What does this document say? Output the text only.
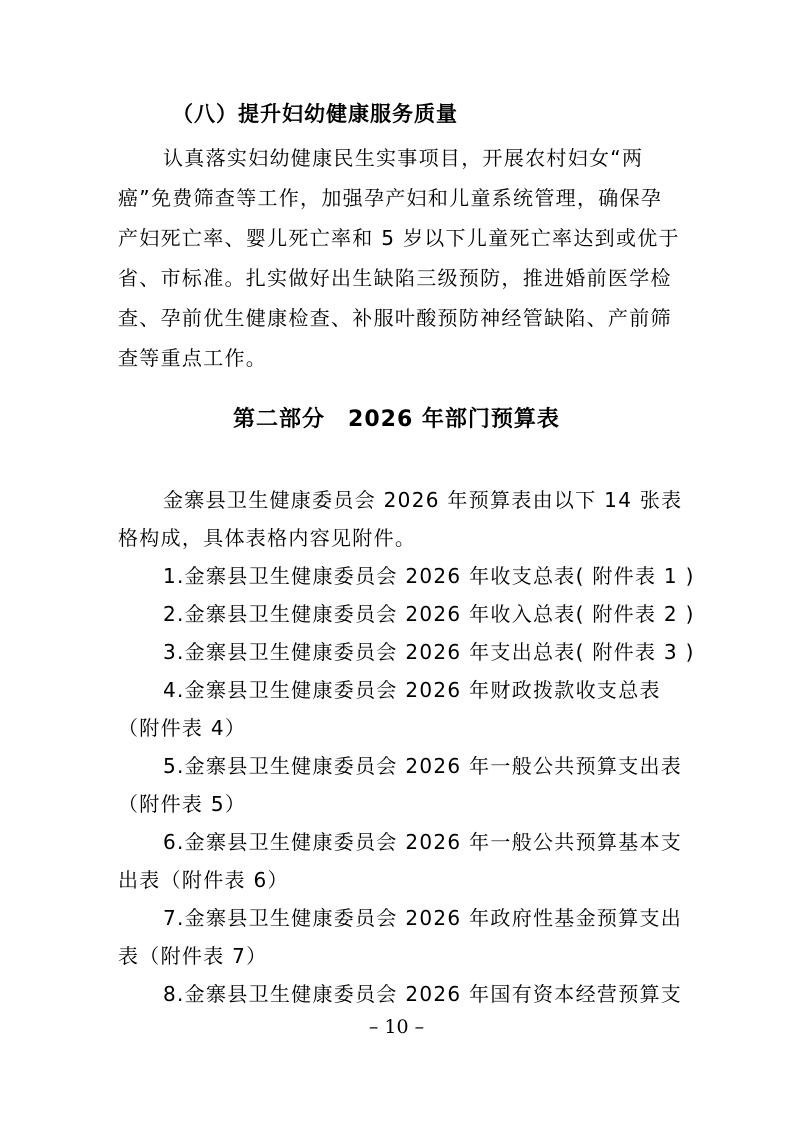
（八）提升妇幼健康服务质量
认真落实妇幼健康民生实事项目，开展农村妇女“两
癌”免费筛查等工作，加强孕产妇和儿童系统管理，确保孕
产妇死亡率、婴儿死亡率和 5 岁以下儿童死亡率达到或优于
省、市标准。扎实做好出生缺陷三级预防，推进婚前医学检
查、孕前优生健康检查、补服叶酸预防神经管缺陷、产前筛
查等重点工作。
第二部分　2026 年部门预算表
金寨县卫生健康委员会 2026 年预算表由以下 14 张表
格构成，具体表格内容见附件。
1.金寨县卫生健康委员会 2026 年收支总表( 附件表 1 )
2.金寨县卫生健康委员会 2026 年收入总表( 附件表 2 )
3.金寨县卫生健康委员会 2026 年支出总表( 附件表 3 )
4.金寨县卫生健康委员会 2026 年财政拨款收支总表
（附件表 4）
5.金寨县卫生健康委员会 2026 年一般公共预算支出表
（附件表 5）
6.金寨县卫生健康委员会 2026 年一般公共预算基本支
出表（附件表 6）
7.金寨县卫生健康委员会 2026 年政府性基金预算支出
表（附件表 7）
8.金寨县卫生健康委员会 2026 年国有资本经营预算支
– 10 –
